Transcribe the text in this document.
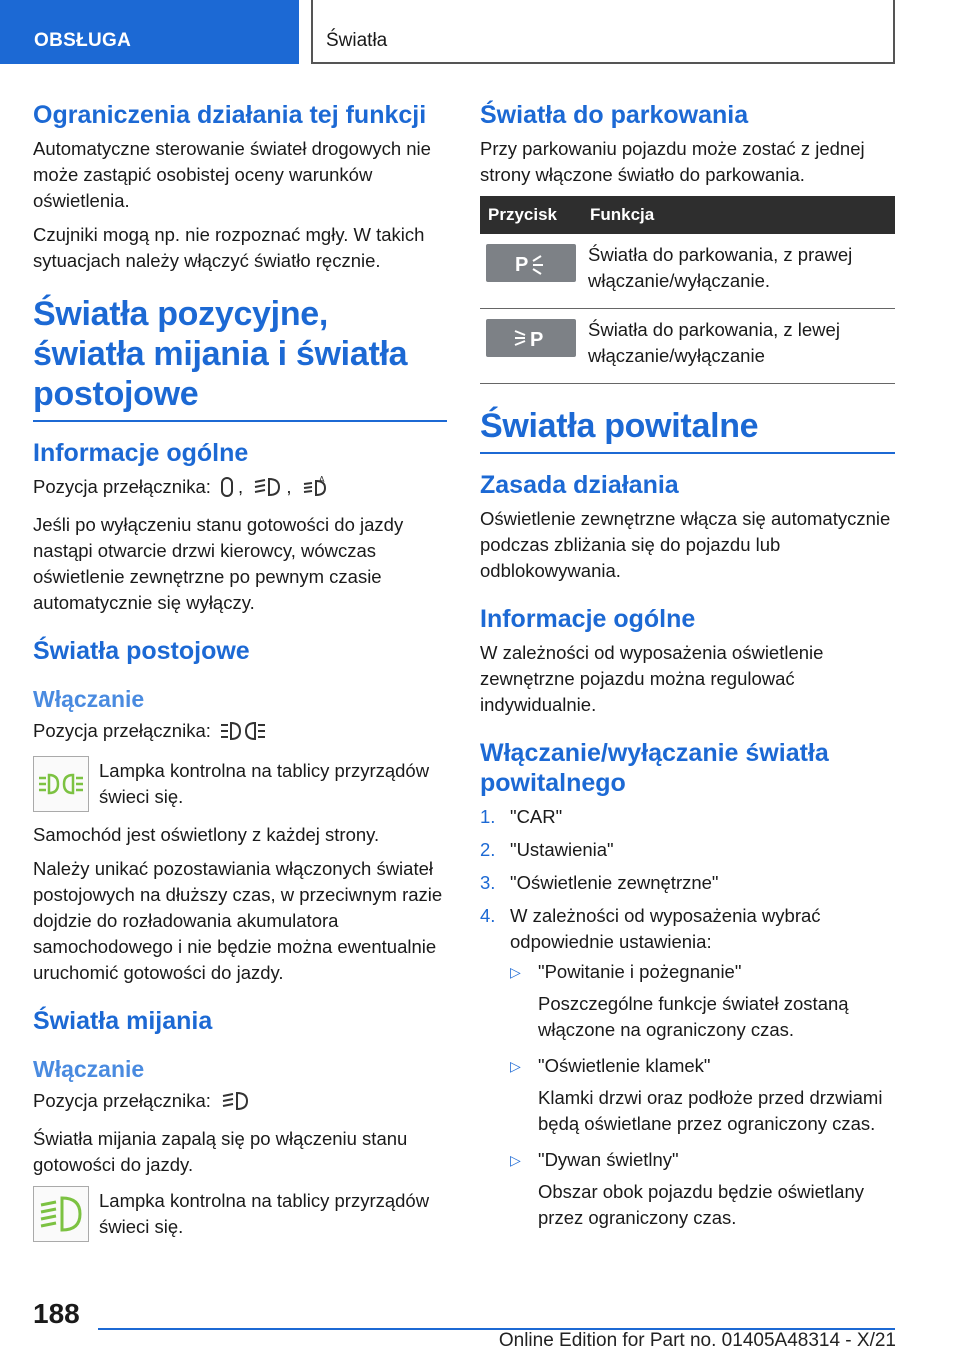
OBSŁUGA	Światła
Ograniczenia działania tej funkcji
Automatyczne sterowanie świateł drogowych nie może zastąpić osobistej oceny warunków oświetlenia.
Czujniki mogą np. nie rozpoznać mgły. W takich sytuacjach należy włączyć światło ręcznie.
Światła pozycyjne, światła mijania i światła postojowe
Informacje ogólne
Pozycja przełącznika: , ,	A
Jeśli po wyłączeniu stanu gotowości do jazdy nastąpi otwarcie drzwi kierowcy, wówczas oświetlenie zewnętrzne po pewnym czasie automatycznie się wyłączy.
Światła postojowe
Włączanie
Pozycja przełącznika:
Lampka kontrolna na tablicy przyrządów świeci się.
Samochód jest oświetlony z każdej strony.
Należy unikać pozostawiania włączonych świateł postojowych na dłuższy czas, w przeciwnym razie dojdzie do rozładowania akumulatora samochodowego i nie będzie można ewentualnie uruchomić gotowości do jazdy.
Światła mijania
Włączanie
Pozycja przełącznika:
Światła mijania zapalą się po włączeniu stanu gotowości do jazdy.
Lampka kontrolna na tablicy przyrządów świeci się.
Światła do parkowania
Przy parkowaniu pojazdu może zostać z jednej strony włączone światło do parkowania.
Przycisk	Funkcja

P	Światła do parkowania, z prawej włączanie/wyłączanie.

P	Światła do parkowania, z lewej włączanie/wyłączanie
Światła powitalne
Zasada działania
Oświetlenie zewnętrzne włącza się automatycznie podczas zbliżania się do pojazdu lub odblokowywania.
Informacje ogólne
W zależności od wyposażenia oświetlenie zewnętrzne pojazdu można regulować indywidualnie.
Włączanie/wyłączanie światła powitalnego
1. "CAR"
2. "Ustawienia"
3. "Oświetlenie zewnętrzne"
4. W zależności od wyposażenia wybrać odpowiednie ustawienia:
▷ "Powitanie i pożegnanie"

Poszczególne funkcje świateł zostaną włączone na ograniczony czas.

▷ "Oświetlenie klamek"

Klamki drzwi oraz podłoże przed drzwiami będą oświetlane przez ograniczony czas.

▷ "Dywan świetlny"

Obszar obok pojazdu będzie oświetlany przez ograniczony czas.

188
Online Edition for Part no. 01405A48314 - X/21
